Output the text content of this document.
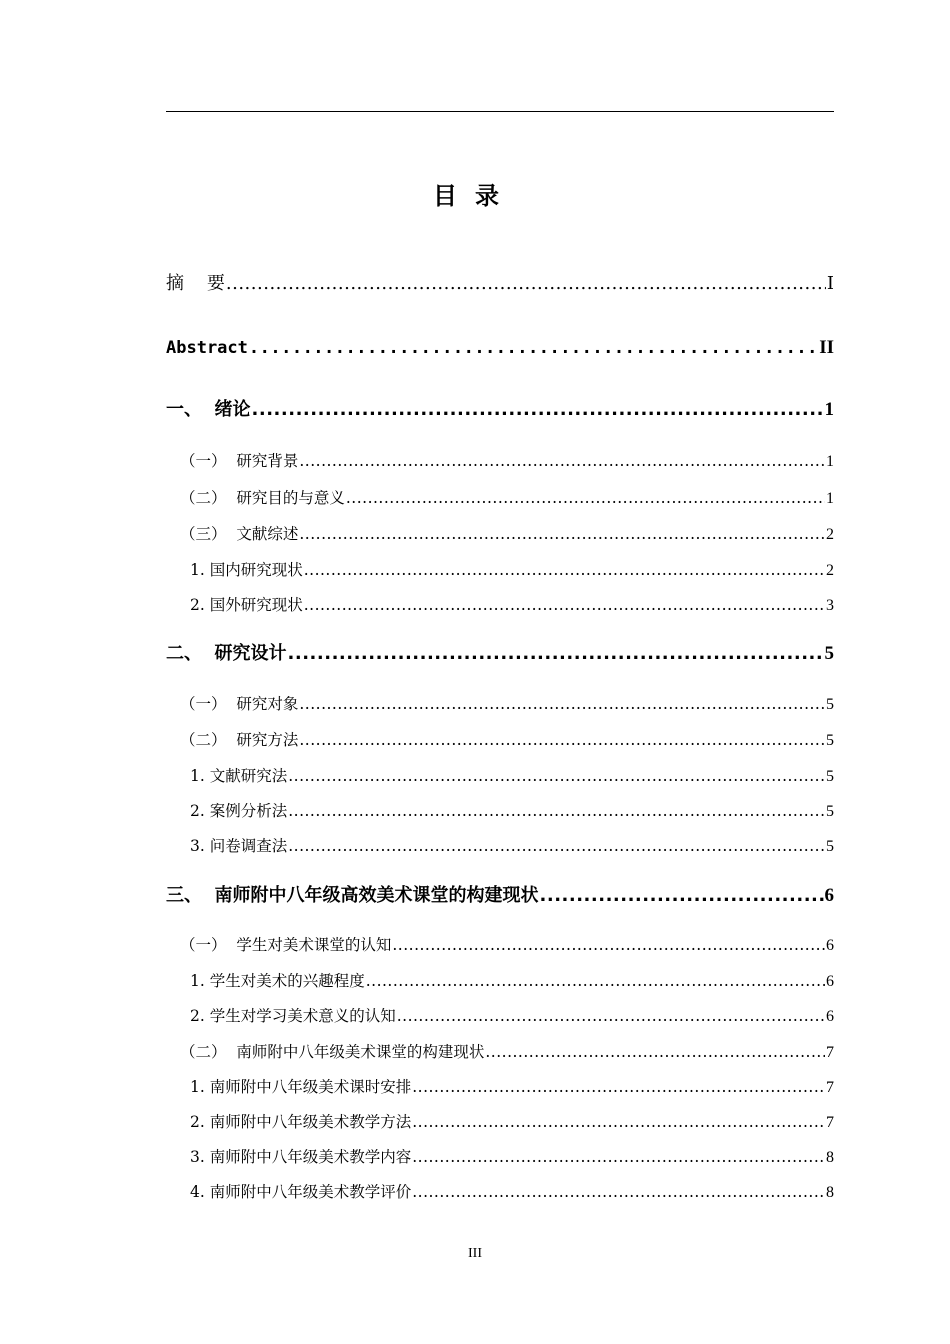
目录
摘    要 .....	I
Abstract .....	II
一、  绪论 .....	1
（一）  研究背景 .....	1
（二）  研究目的与意义 .....	1
（三）  文献综述 .....	2
1. 国内研究现状 .....	2
2. 国外研究现状 .....	3
二、  研究设计 .....	5
（一）  研究对象 .....	5
（二）  研究方法 .....	5
1. 文献研究法 .....	5
2. 案例分析法 .....	5
3. 问卷调查法 .....	5
三、  南师附中八年级高效美术课堂的构建现状 .....	6
（一）  学生对美术课堂的认知 .....	6
1. 学生对美术的兴趣程度 .....	6
2. 学生对学习美术意义的认知 .....	6
（二）  南师附中八年级美术课堂的构建现状 .....	7
1. 南师附中八年级美术课时安排 .....	7
2. 南师附中八年级美术教学方法 .....	7
3. 南师附中八年级美术教学内容 .....	8
4. 南师附中八年级美术教学评价 .....	8
III
